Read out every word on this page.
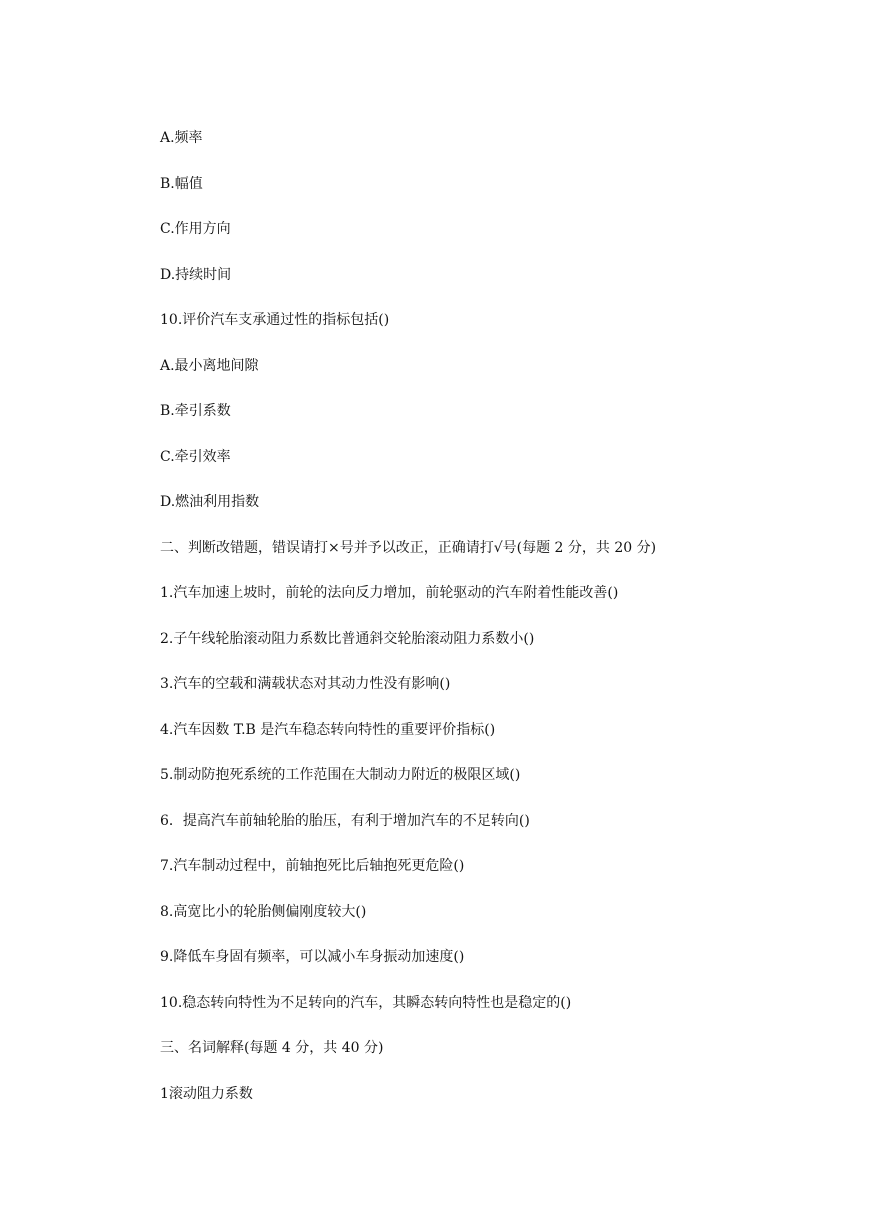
A.频率

B.幅值

C.作用方向

D.持续时间

10.评价汽车支承通过性的指标包括()

A.最小离地间隙

B.牵引系数

C.牵引效率

D.燃油利用指数

二、判断改错题，错误请打×号并予以改正，正确请打√号(每题 2 分，共 20 分)

1.汽车加速上坡时，前轮的法向反力增加，前轮驱动的汽车附着性能改善()

2.子午线轮胎滚动阻力系数比普通斜交轮胎滚动阻力系数小()

3.汽车的空载和满载状态对其动力性没有影响()

4.汽车因数 T.B 是汽车稳态转向特性的重要评价指标()

5.制动防抱死系统的工作范围在大制动力附近的极限区域()

6．提高汽车前轴轮胎的胎压，有利于增加汽车的不足转向()

7.汽车制动过程中，前轴抱死比后轴抱死更危险()

8.高宽比小的轮胎侧偏刚度较大()

9.降低车身固有频率，可以减小车身振动加速度()

10.稳态转向特性为不足转向的汽车，其瞬态转向特性也是稳定的()

三、名词解释(每题 4 分，共 40 分)

1滚动阻力系数
